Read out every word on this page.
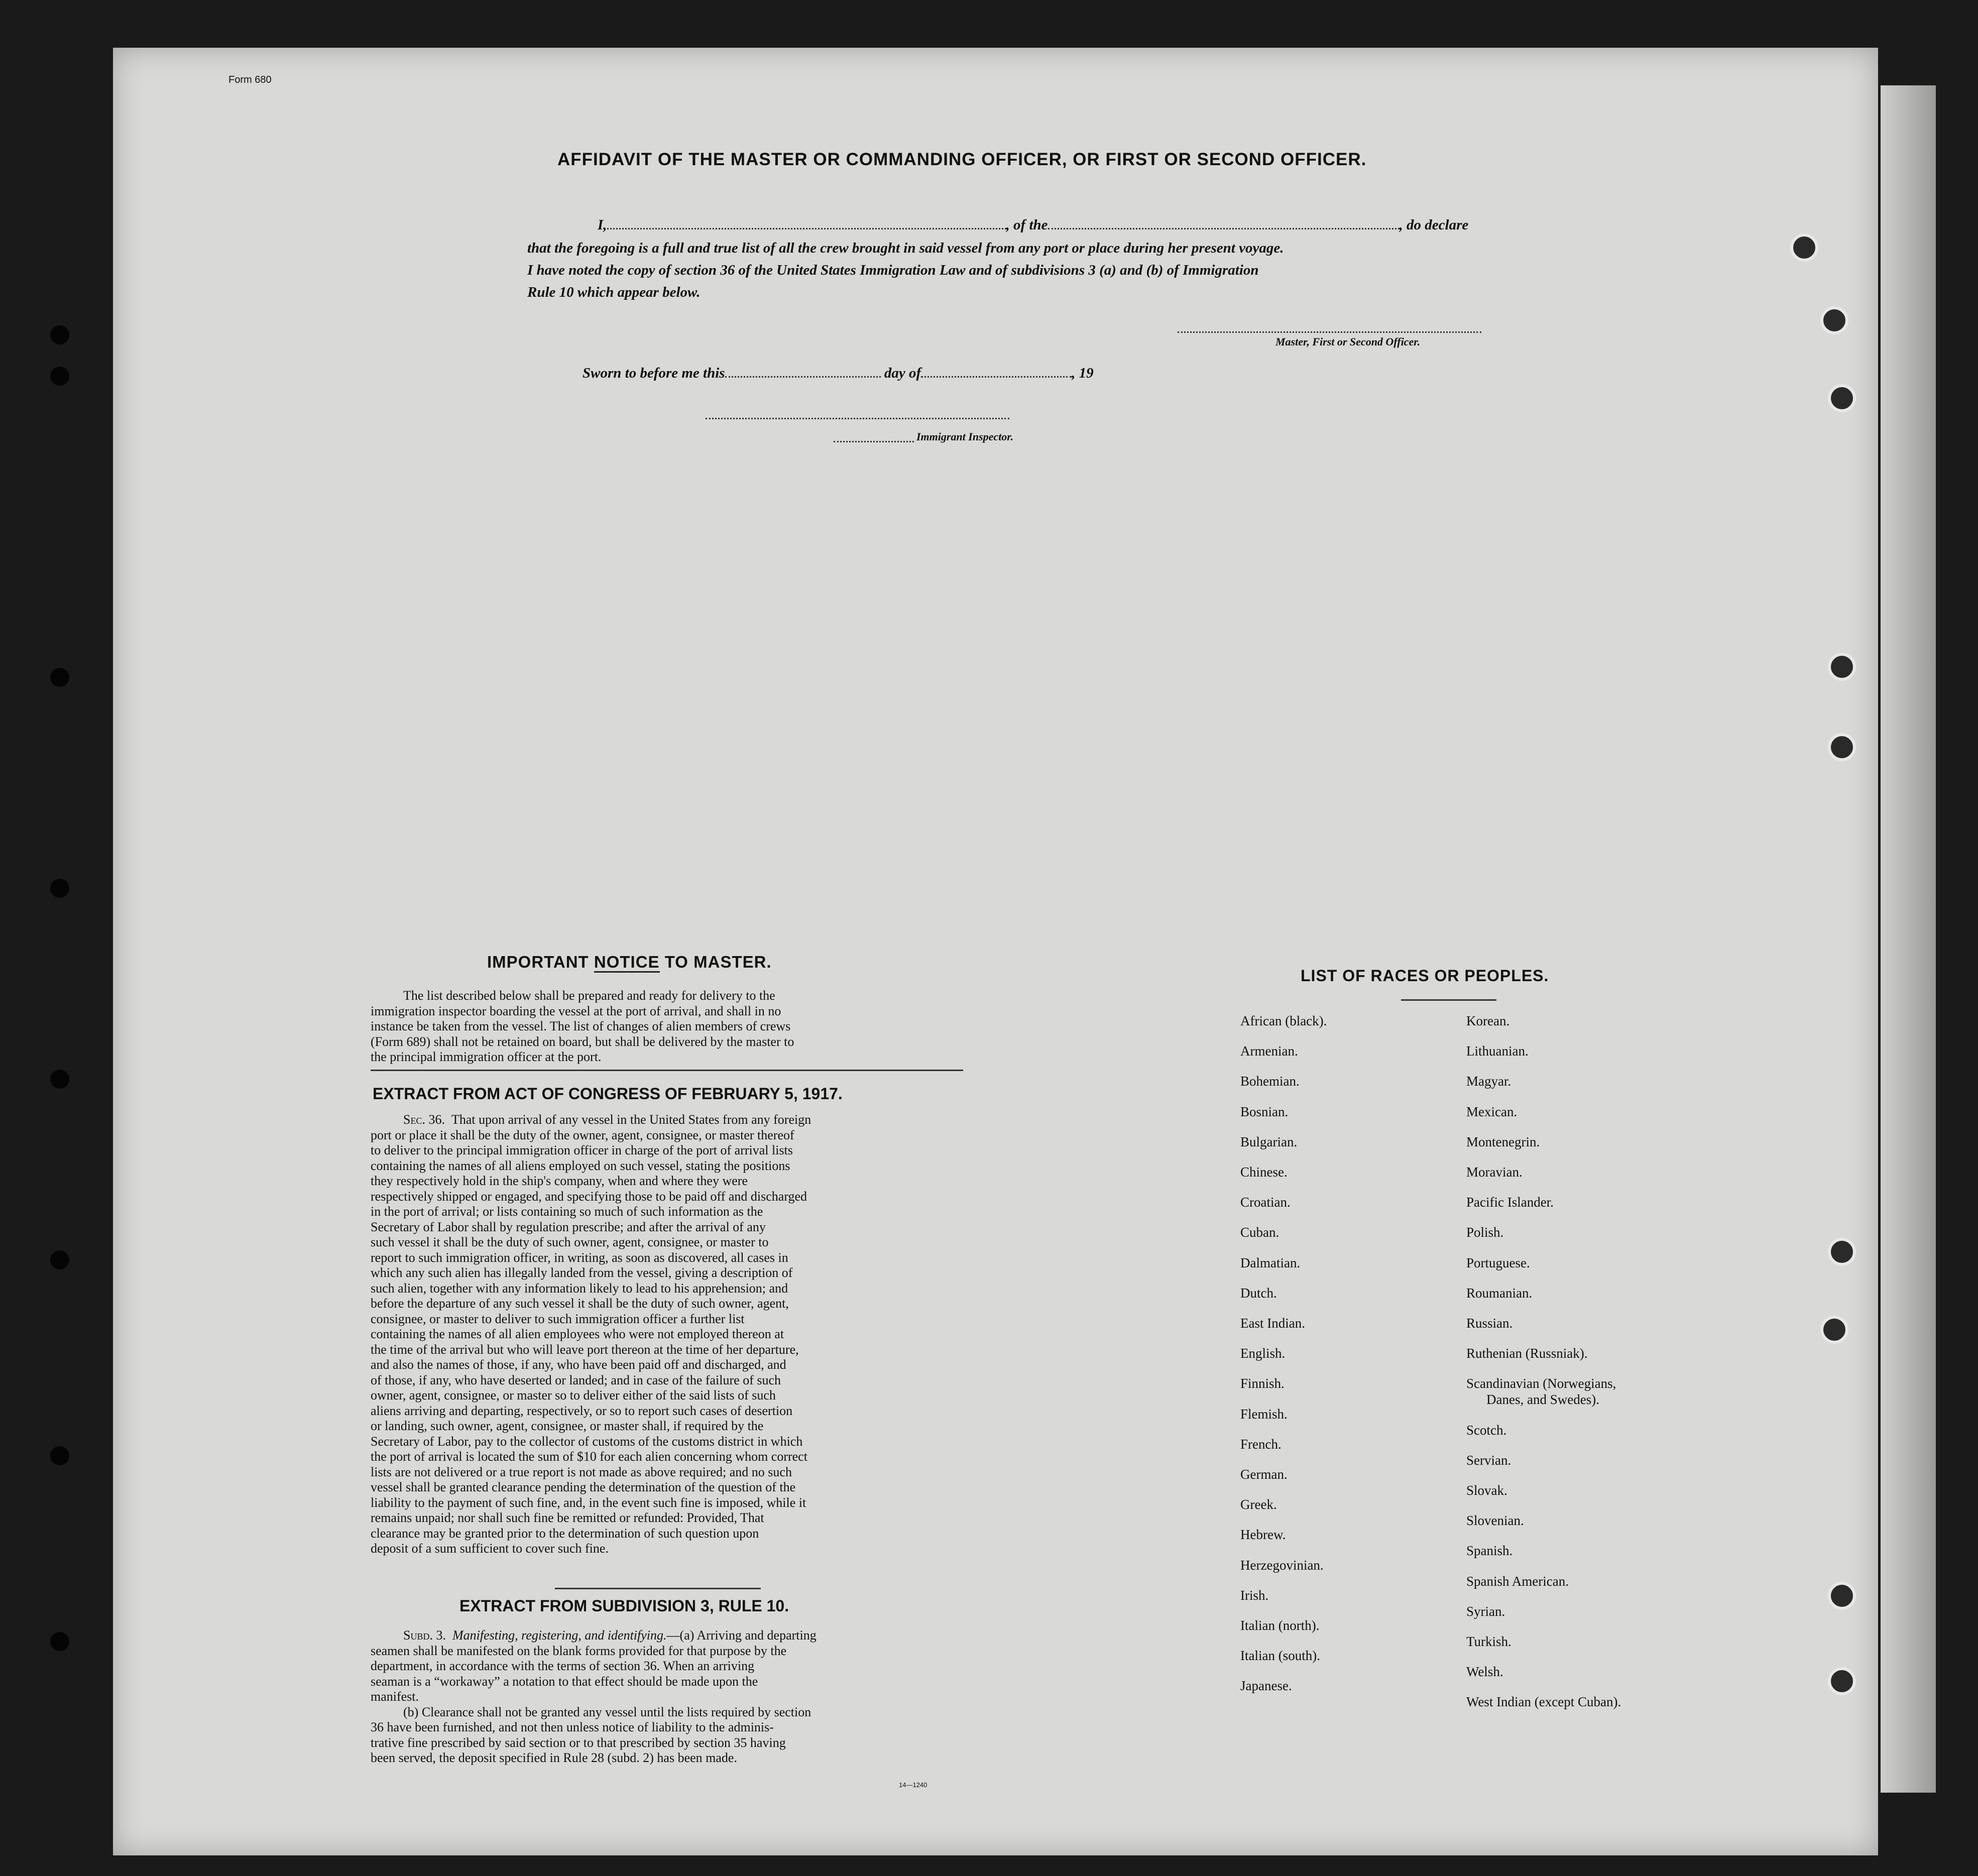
Form 680
AFFIDAVIT OF THE MASTER OR COMMANDING OFFICER, OR FIRST OR SECOND OFFICER.
I,	, of the	, do declare
that the foregoing is a full and true list of all the crew brought in said vessel from any port or place during her present voyage.
I have noted the copy of section 36 of the United States Immigration Law and of subdivisions 3 (a) and (b) of Immigration
Rule 10 which appear below.
Master, First or Second Officer.
Sworn to before me this	day of	, 19
Immigrant Inspector.
IMPORTANT NOTICE TO MASTER.
The list described below shall be prepared and ready for delivery to the
immigration inspector boarding the vessel at the port of arrival, and shall in no
instance be taken from the vessel. The list of changes of alien members of crews
(Form 689) shall not be retained on board, but shall be delivered by the master to
the principal immigration officer at the port.
EXTRACT FROM ACT OF CONGRESS OF FEBRUARY 5, 1917.
Sec. 36. That upon arrival of any vessel in the United States from any foreign
port or place it shall be the duty of the owner, agent, consignee, or master thereof
to deliver to the principal immigration officer in charge of the port of arrival lists
containing the names of all aliens employed on such vessel, stating the positions
they respectively hold in the ship's company, when and where they were
respectively shipped or engaged, and specifying those to be paid off and discharged
in the port of arrival; or lists containing so much of such information as the
Secretary of Labor shall by regulation prescribe; and after the arrival of any
such vessel it shall be the duty of such owner, agent, consignee, or master to
report to such immigration officer, in writing, as soon as discovered, all cases in
which any such alien has illegally landed from the vessel, giving a description of
such alien, together with any information likely to lead to his apprehension; and
before the departure of any such vessel it shall be the duty of such owner, agent,
consignee, or master to deliver to such immigration officer a further list
containing the names of all alien employees who were not employed thereon at
the time of the arrival but who will leave port thereon at the time of her departure,
and also the names of those, if any, who have been paid off and discharged, and
of those, if any, who have deserted or landed; and in case of the failure of such
owner, agent, consignee, or master so to deliver either of the said lists of such
aliens arriving and departing, respectively, or so to report such cases of desertion
or landing, such owner, agent, consignee, or master shall, if required by the
Secretary of Labor, pay to the collector of customs of the customs district in which
the port of arrival is located the sum of $10 for each alien concerning whom correct
lists are not delivered or a true report is not made as above required; and no such
vessel shall be granted clearance pending the determination of the question of the
liability to the payment of such fine, and, in the event such fine is imposed, while it
remains unpaid; nor shall such fine be remitted or refunded: Provided, That
clearance may be granted prior to the determination of such question upon
deposit of a sum sufficient to cover such fine.
EXTRACT FROM SUBDIVISION 3, RULE 10.
Subd. 3. Manifesting, registering, and identifying.—(a) Arriving and departing
seamen shall be manifested on the blank forms provided for that purpose by the
department, in accordance with the terms of section 36. When an arriving
seaman is a “workaway” a notation to that effect should be made upon the
manifest.
(b) Clearance shall not be granted any vessel until the lists required by section
36 have been furnished, and not then unless notice of liability to the adminis-
trative fine prescribed by said section or to that prescribed by section 35 having
been served, the deposit specified in Rule 28 (subd. 2) has been made.
14—1240
LIST OF RACES OR PEOPLES.
African (black).
Armenian.
Bohemian.
Bosnian.
Bulgarian.
Chinese.
Croatian.
Cuban.
Dalmatian.
Dutch.
East Indian.
English.
Finnish.
Flemish.
French.
German.
Greek.
Hebrew.
Herzegovinian.
Irish.
Italian (north).
Italian (south).
Japanese.
Korean.
Lithuanian.
Magyar.
Mexican.
Montenegrin.
Moravian.
Pacific Islander.
Polish.
Portuguese.
Roumanian.
Russian.
Ruthenian (Russniak).
Scandinavian (Norwegians,
Danes, and Swedes).
Scotch.
Servian.
Slovak.
Slovenian.
Spanish.
Spanish American.
Syrian.
Turkish.
Welsh.
West Indian (except Cuban).
